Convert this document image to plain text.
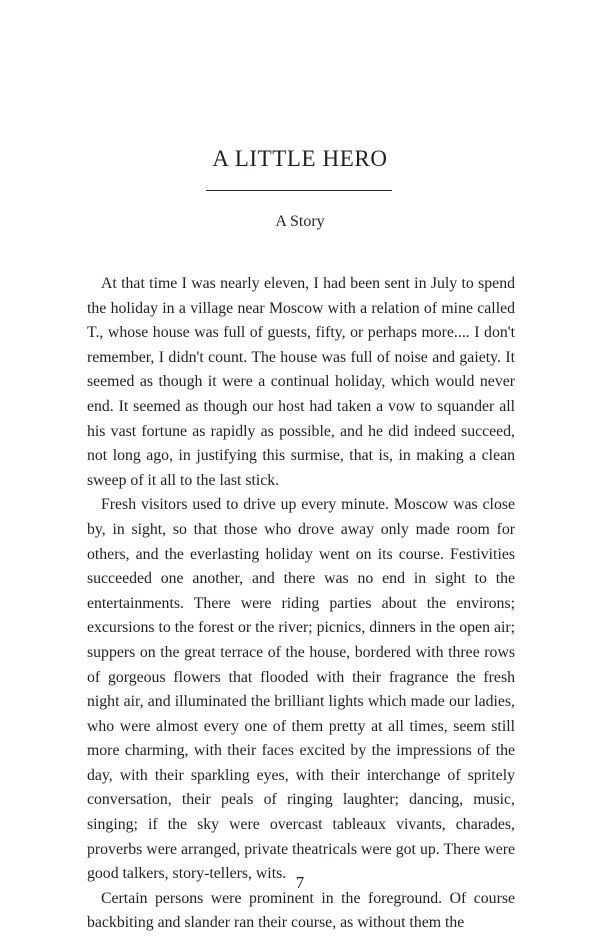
A LITTLE HERO
A Story

At that time I was nearly eleven, I had been sent in July to spend the holiday in a village near Moscow with a relation of mine called T., whose house was full of guests, fifty, or perhaps more.... I don't remember, I didn't count. The house was full of noise and gaiety. It seemed as though it were a continual holiday, which would never end. It seemed as though our host had taken a vow to squander all his vast fortune as rapidly as possible, and he did indeed succeed, not long ago, in justifying this surmise, that is, in making a clean sweep of it all to the last stick.

Fresh visitors used to drive up every minute. Moscow was close by, in sight, so that those who drove away only made room for others, and the everlasting holiday went on its course. Festivities succeeded one another, and there was no end in sight to the entertainments. There were riding parties about the environs; excursions to the forest or the river; picnics, dinners in the open air; suppers on the great terrace of the house, bordered with three rows of gorgeous flowers that flooded with their fragrance the fresh night air, and illuminated the brilliant lights which made our ladies, who were almost every one of them pretty at all times, seem still more charming, with their faces excited by the impressions of the day, with their sparkling eyes, with their interchange of spritely conversation, their peals of ringing laughter; dancing, music, singing; if the sky were overcast tableaux vivants, charades, proverbs were arranged, private theatricals were got up. There were good talkers, story-tellers, wits.

Certain persons were prominent in the foreground. Of course backbiting and slander ran their course, as without them the

7
